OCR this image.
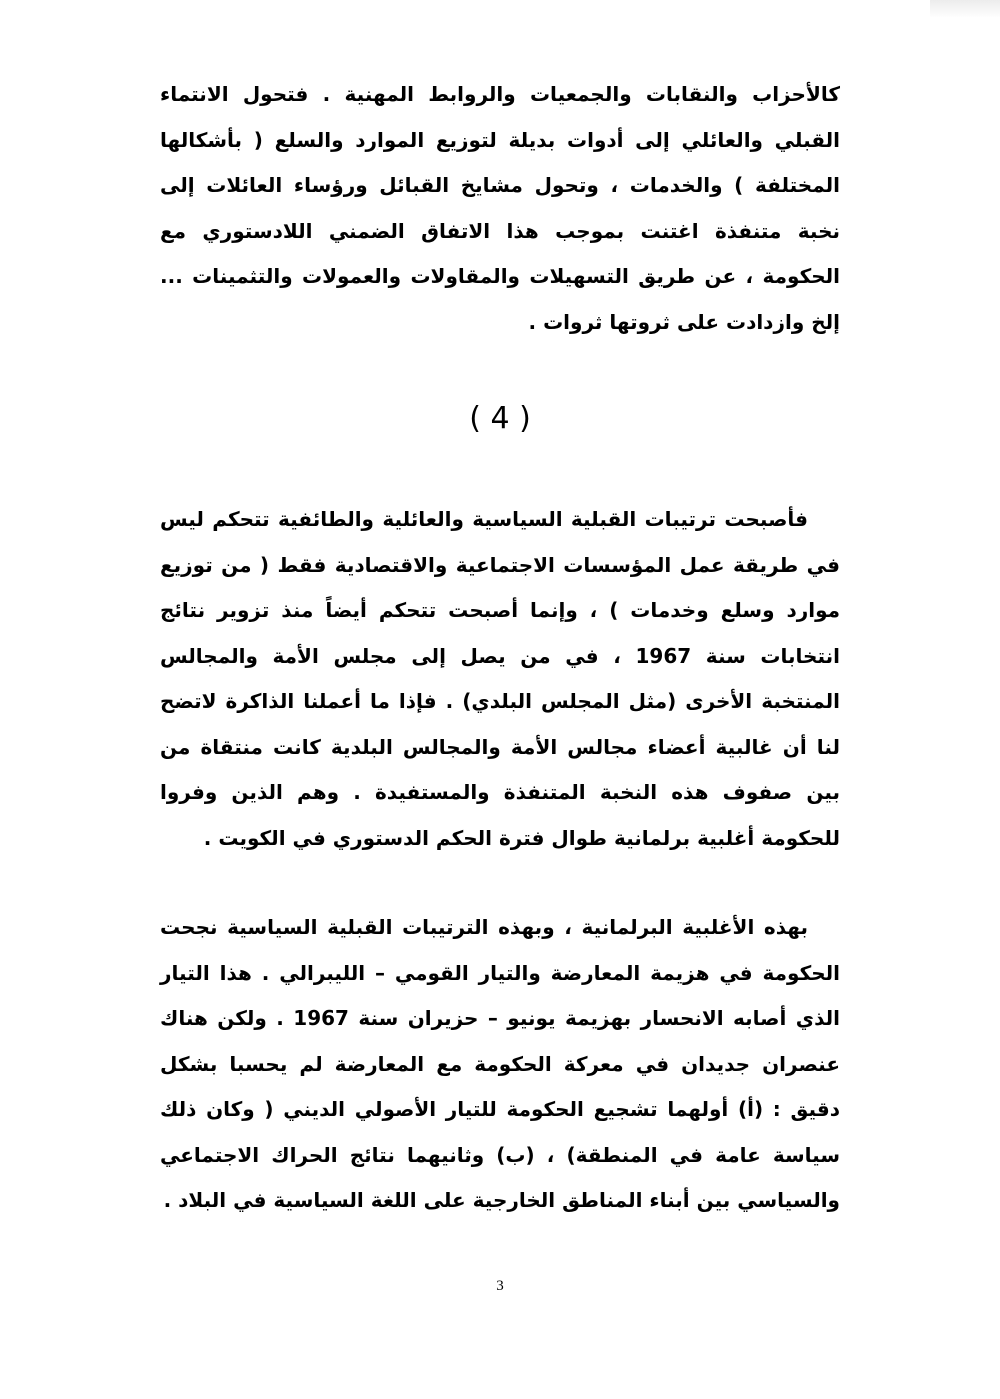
كالأحزاب والنقابات والجمعيات والروابط المهنية . فتحول الانتماء القبلي والعائلي إلى أدوات بديلة لتوزيع الموارد والسلع ( بأشكالها المختلفة ) والخدمات ، وتحول مشايخ القبائل ورؤساء العائلات إلى نخبة متنفذة اغتنت بموجب هذا الاتفاق الضمني اللادستوري مع الحكومة ، عن طريق التسهيلات والمقاولات والعمولات والتثمينات ... إلخ وازدادت على ثروتها ثروات .

( 4 )

فأصبحت ترتيبات القبلية السياسية والعائلية والطائفية تتحكم ليس في طريقة عمل المؤسسات الاجتماعية والاقتصادية فقط ( من توزيع موارد وسلع وخدمات ) ، وإنما أصبحت تتحكم أيضاً منذ تزوير نتائج انتخابات سنة 1967 ، في من يصل إلى مجلس الأمة والمجالس المنتخبة الأخرى (مثل المجلس البلدي) . فإذا ما أعملنا الذاكرة لاتضح لنا أن غالبية أعضاء مجالس الأمة والمجالس البلدية كانت منتقاة من بين صفوف هذه النخبة المتنفذة والمستفيدة . وهم الذين وفروا للحكومة أغلبية برلمانية طوال فترة الحكم الدستوري في الكويت .

بهذه الأغلبية البرلمانية ، وبهذه الترتيبات القبلية السياسية نجحت الحكومة في هزيمة المعارضة والتيار القومي – الليبرالي . هذا التيار الذي أصابه الانحسار بهزيمة يونيو – حزيران سنة 1967 . ولكن هناك عنصران جديدان في معركة الحكومة مع المعارضة لم يحسبا بشكل دقيق : (أ) أولهما تشجيع الحكومة للتيار الأصولي الديني ( وكان ذلك سياسة عامة في المنطقة) ، (ب) وثانيهما نتائج الحراك الاجتماعي والسياسي بين أبناء المناطق الخارجية على اللغة السياسية في البلاد .

3
